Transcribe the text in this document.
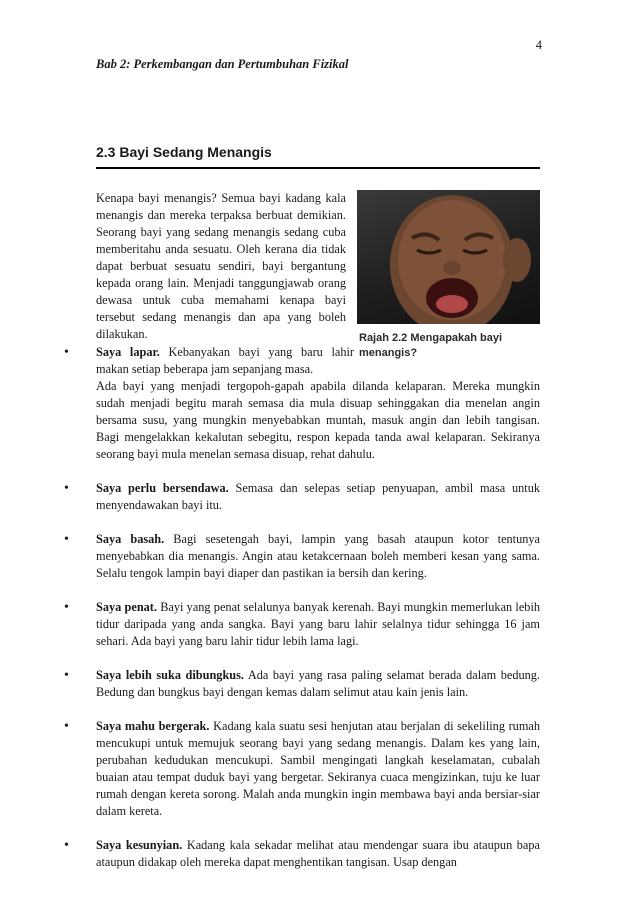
4
Bab 2: Perkembangan dan Pertumbuhan Fizikal
2.3 Bayi Sedang Menangis

Kenapa bayi menangis? Semua bayi kadang kala menangis dan mereka terpaksa berbuat demikian. Seorang bayi yang sedang menangis sedang cuba memberitahu anda sesuatu. Oleh kerana dia tidak dapat berbuat sesuatu sendiri, bayi bergantung kepada orang lain. Menjadi tanggungjawab orang dewasa untuk cuba memahami kenapa bayi tersebut sedang menangis dan apa yang boleh dilakukan.	Rajah 2.2 Mengapakah bayi menangis?

• Saya lapar. Kebanyakan bayi yang baru lahir makan setiap beberapa jam sepanjang masa.
Ada bayi yang menjadi tergopoh-gapah apabila dilanda kelaparan. Mereka mungkin sudah menjadi begitu marah semasa dia mula disuap sehinggakan dia menelan angin bersama susu, yang mungkin menyebabkan muntah, masuk angin dan lebih tangisan. Bagi mengelakkan kekalutan sebegitu, respon kepada tanda awal kelaparan. Sekiranya seorang bayi mula menelan semasa disuap, rehat dahulu.
• Saya perlu bersendawa. Semasa dan selepas setiap penyuapan, ambil masa untuk menyendawakan bayi itu.
• Saya basah. Bagi sesetengah bayi, lampin yang basah ataupun kotor tentunya menyebabkan dia menangis. Angin atau ketakcernaan boleh memberi kesan yang sama. Selalu tengok lampin bayi diaper dan pastikan ia bersih dan kering.
• Saya penat. Bayi yang penat selalunya banyak kerenah. Bayi mungkin memerlukan lebih tidur daripada yang anda sangka. Bayi yang baru lahir selalnya tidur sehingga 16 jam sehari. Ada bayi yang baru lahir tidur lebih lama lagi.
• Saya lebih suka dibungkus. Ada bayi yang rasa paling selamat berada dalam bedung. Bedung dan bungkus bayi dengan kemas dalam selimut atau kain jenis lain.
• Saya mahu bergerak. Kadang kala suatu sesi henjutan atau berjalan di sekeliling rumah mencukupi untuk memujuk seorang bayi yang sedang menangis. Dalam kes yang lain, perubahan kedudukan mencukupi. Sambil mengingati langkah keselamatan, cubalah buaian atau tempat duduk bayi yang bergetar. Sekiranya cuaca mengizinkan, tuju ke luar rumah dengan kereta sorong. Malah anda mungkin ingin membawa bayi anda bersiar-siar dalam kereta.
• Saya kesunyian. Kadang kala sekadar melihat atau mendengar suara ibu ataupun bapa ataupun didakap oleh mereka dapat menghentikan tangisan. Usap dengan
